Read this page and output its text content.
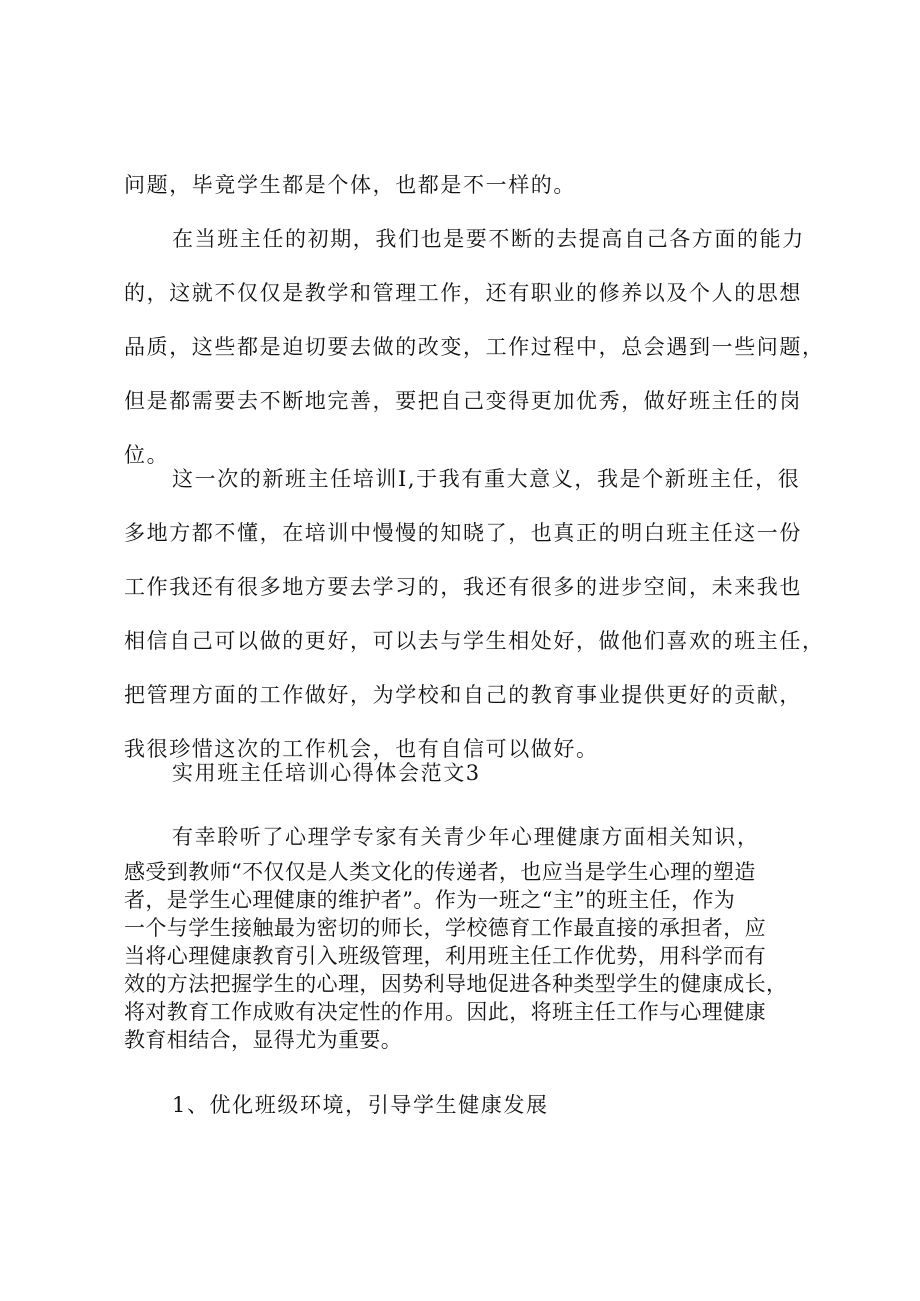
问题，毕竟学生都是个体，也都是不一样的。

在当班主任的初期，我们也是要不断的去提高自己各方面的能力
的，这就不仅仅是教学和管理工作，还有职业的修养以及个人的思想
品质，这些都是迫切要去做的改变，工作过程中，总会遇到一些问题，
但是都需要去不断地完善，要把自己变得更加优秀，做好班主任的岗
位。

这一次的新班主任培训I,于我有重大意义，我是个新班主任，很
多地方都不懂，在培训中慢慢的知晓了，也真正的明白班主任这一份
工作我还有很多地方要去学习的，我还有很多的进步空间，未来我也
相信自己可以做的更好，可以去与学生相处好，做他们喜欢的班主任，
把管理方面的工作做好，为学校和自己的教育事业提供更好的贡献，
我很珍惜这次的工作机会，也有自信可以做好。

实用班主任培训心得体会范文3

有幸聆听了心理学专家有关青少年心理健康方面相关知识，

感受到教师“不仅仅是人类文化的传递者，也应当是学生心理的塑造
者，是学生心理健康的维护者”。作为一班之“主”的班主任，作为
一个与学生接触最为密切的师长，学校德育工作最直接的承担者，应
当将心理健康教育引入班级管理，利用班主任工作优势，用科学而有
效的方法把握学生的心理，因势利导地促进各种类型学生的健康成长，
将对教育工作成败有决定性的作用。因此，将班主任工作与心理健康
教育相结合，显得尤为重要。

1、优化班级环境，引导学生健康发展
